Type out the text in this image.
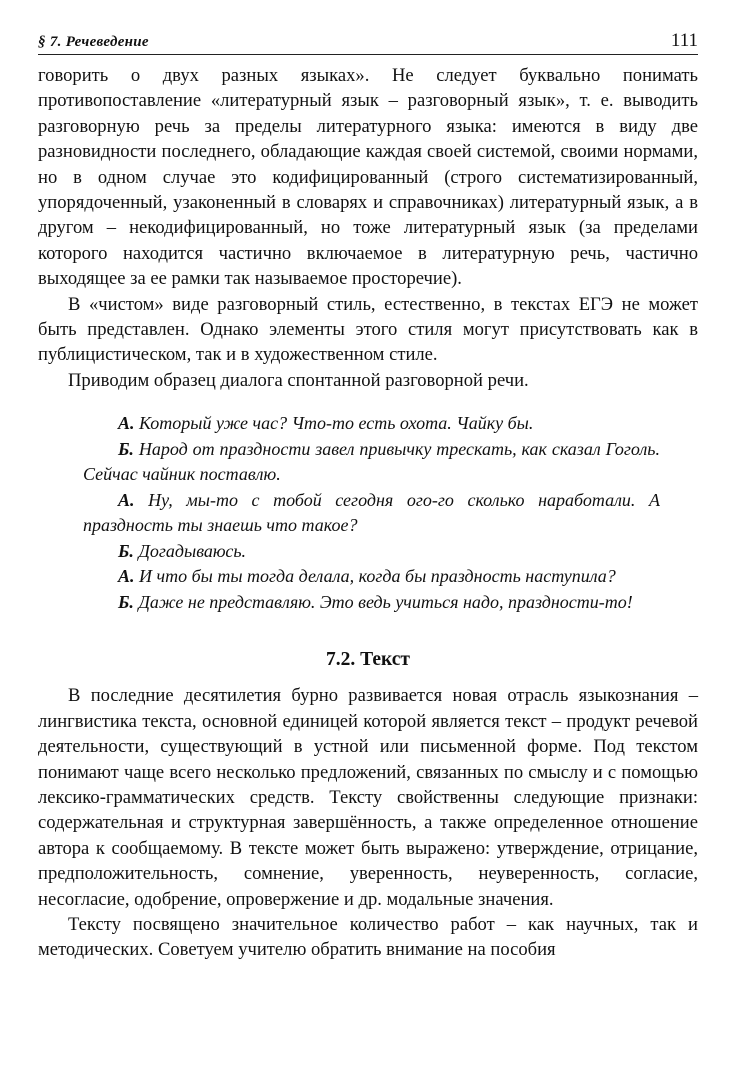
§ 7. Речеведение	111

говорить о двух разных языках». Не следует буквально понимать противопоставление «литературный язык – разговорный язык», т. е. выводить разговорную речь за пределы литературного языка: имеются в виду две разновидности последнего, обладающие каждая своей системой, своими нормами, но в одном случае это кодифицированный (строго систематизированный, упорядоченный, узаконенный в словарях и справочниках) литературный язык, а в другом – некодифицированный, но тоже литературный язык (за пределами которого находится частично включаемое в литературную речь, частично выходящее за ее рамки так называемое просторечие).

В «чистом» виде разговорный стиль, естественно, в текстах ЕГЭ не может быть представлен. Однако элементы этого стиля могут присутствовать как в публицистическом, так и в художественном стиле.

Приводим образец диалога спонтанной разговорной речи.

А. Который уже час? Что-то есть охота. Чайку бы.

Б. Народ от праздности завел привычку трескать, как сказал Гоголь. Сейчас чайник поставлю.

А. Ну, мы-то с тобой сегодня ого-го сколько наработали. А праздность ты знаешь что такое?

Б. Догадываюсь.

А. И что бы ты тогда делала, когда бы праздность наступила?

Б. Даже не представляю. Это ведь учиться надо, праздности-то!

7.2. Текст

В последние десятилетия бурно развивается новая отрасль языкознания – лингвистика текста, основной единицей которой является текст – продукт речевой деятельности, существующий в устной или письменной форме. Под текстом понимают чаще всего несколько предложений, связанных по смыслу и с помощью лексико-грамматических средств. Тексту свойственны следующие признаки: содержательная и структурная завершённость, а также определенное отношение автора к сообщаемому. В тексте может быть выражено: утверждение, отрицание, предположительность, сомнение, уверенность, неуверенность, согласие, несогласие, одобрение, опровержение и др. модальные значения.

Тексту посвящено значительное количество работ – как научных, так и методических. Советуем учителю обратить внимание на пособия
